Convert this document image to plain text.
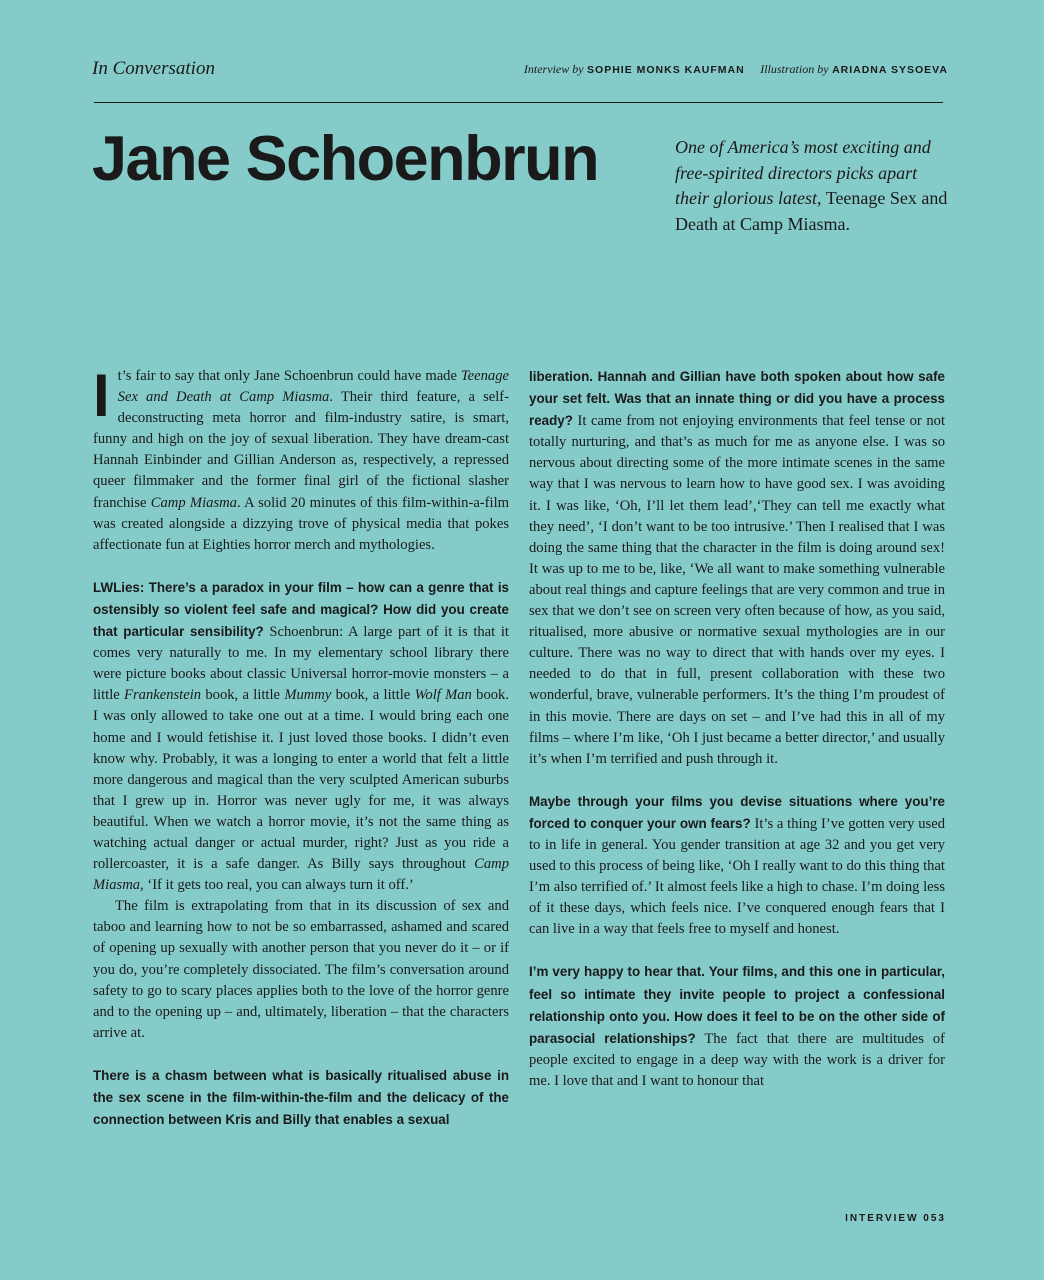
In Conversation	Interview by SOPHIE MONKS KAUFMAN Illustration by ARIADNA SYSOEVA
Jane Schoenbrun	One of America’s most exciting and free-spirited directors picks apart their glorious latest, Teenage Sex and Death at Camp Miasma.

It’s fair to say that only Jane Schoenbrun could have made Teenage Sex and Death at Camp Miasma. Their third feature, a self-deconstructing meta horror and film-industry satire, is smart, funny and high on the joy of sexual liberation. They have dream-cast Hannah Einbinder and Gillian Anderson as, respectively, a repressed queer filmmaker and the former final girl of the fictional slasher franchise Camp Miasma. A solid 20 minutes of this film-within-a-film was created alongside a dizzying trove of physical media that pokes affectionate fun at Eighties horror merch and mythologies.

LWLies: There’s a paradox in your film – how can a genre that is ostensibly so violent feel safe and magical? How did you create that particular sensibility? Schoenbrun: A large part of it is that it comes very naturally to me. In my elementary school library there were picture books about classic Universal horror-movie monsters – a little Frankenstein book, a little Mummy book, a little Wolf Man book. I was only allowed to take one out at a time. I would bring each one home and I would fetishise it. I just loved those books. I didn’t even know why. Probably, it was a longing to enter a world that felt a little more dangerous and magical than the very sculpted American suburbs that I grew up in. Horror was never ugly for me, it was always beautiful. When we watch a horror movie, it’s not the same thing as watching actual danger or actual murder, right? Just as you ride a rollercoaster, it is a safe danger. As Billy says throughout Camp Miasma, ‘If it gets too real, you can always turn it off.’

The film is extrapolating from that in its discussion of sex and taboo and learning how to not be so embarrassed, ashamed and scared of opening up sexually with another person that you never do it – or if you do, you’re completely dissociated. The film’s conversation around safety to go to scary places applies both to the love of the horror genre and to the opening up – and, ultimately, liberation – that the characters arrive at.

There is a chasm between what is basically ritualised abuse in the sex scene in the film-within-the-film and the delicacy of the connection between Kris and Billy that enables a sexual

liberation. Hannah and Gillian have both spoken about how safe your set felt. Was that an innate thing or did you have a process ready? It came from not enjoying environments that feel tense or not totally nurturing, and that’s as much for me as anyone else. I was so nervous about directing some of the more intimate scenes in the same way that I was nervous to learn how to have good sex. I was avoiding it. I was like, ‘Oh, I’ll let them lead’,‘They can tell me exactly what they need’, ‘I don’t want to be too intrusive.’ Then I realised that I was doing the same thing that the character in the film is doing around sex! It was up to me to be, like, ‘We all want to make something vulnerable about real things and capture feelings that are very common and true in sex that we don’t see on screen very often because of how, as you said, ritualised, more abusive or normative sexual mythologies are in our culture. There was no way to direct that with hands over my eyes. I needed to do that in full, present collaboration with these two wonderful, brave, vulnerable performers. It’s the thing I’m proudest of in this movie. There are days on set – and I’ve had this in all of my films – where I’m like, ‘Oh I just became a better director,’ and usually it’s when I’m terrified and push through it.

Maybe through your films you devise situations where you’re forced to conquer your own fears? It’s a thing I’ve gotten very used to in life in general. You gender transition at age 32 and you get very used to this process of being like, ‘Oh I really want to do this thing that I’m also terrified of.’ It almost feels like a high to chase. I’m doing less of it these days, which feels nice. I’ve conquered enough fears that I can live in a way that feels free to myself and honest.

I’m very happy to hear that. Your films, and this one in particular, feel so intimate they invite people to project a confessional relationship onto you. How does it feel to be on the other side of parasocial relationships? The fact that there are multitudes of people excited to engage in a deep way with the work is a driver for me. I love that and I want to honour that

INTERVIEW 053
